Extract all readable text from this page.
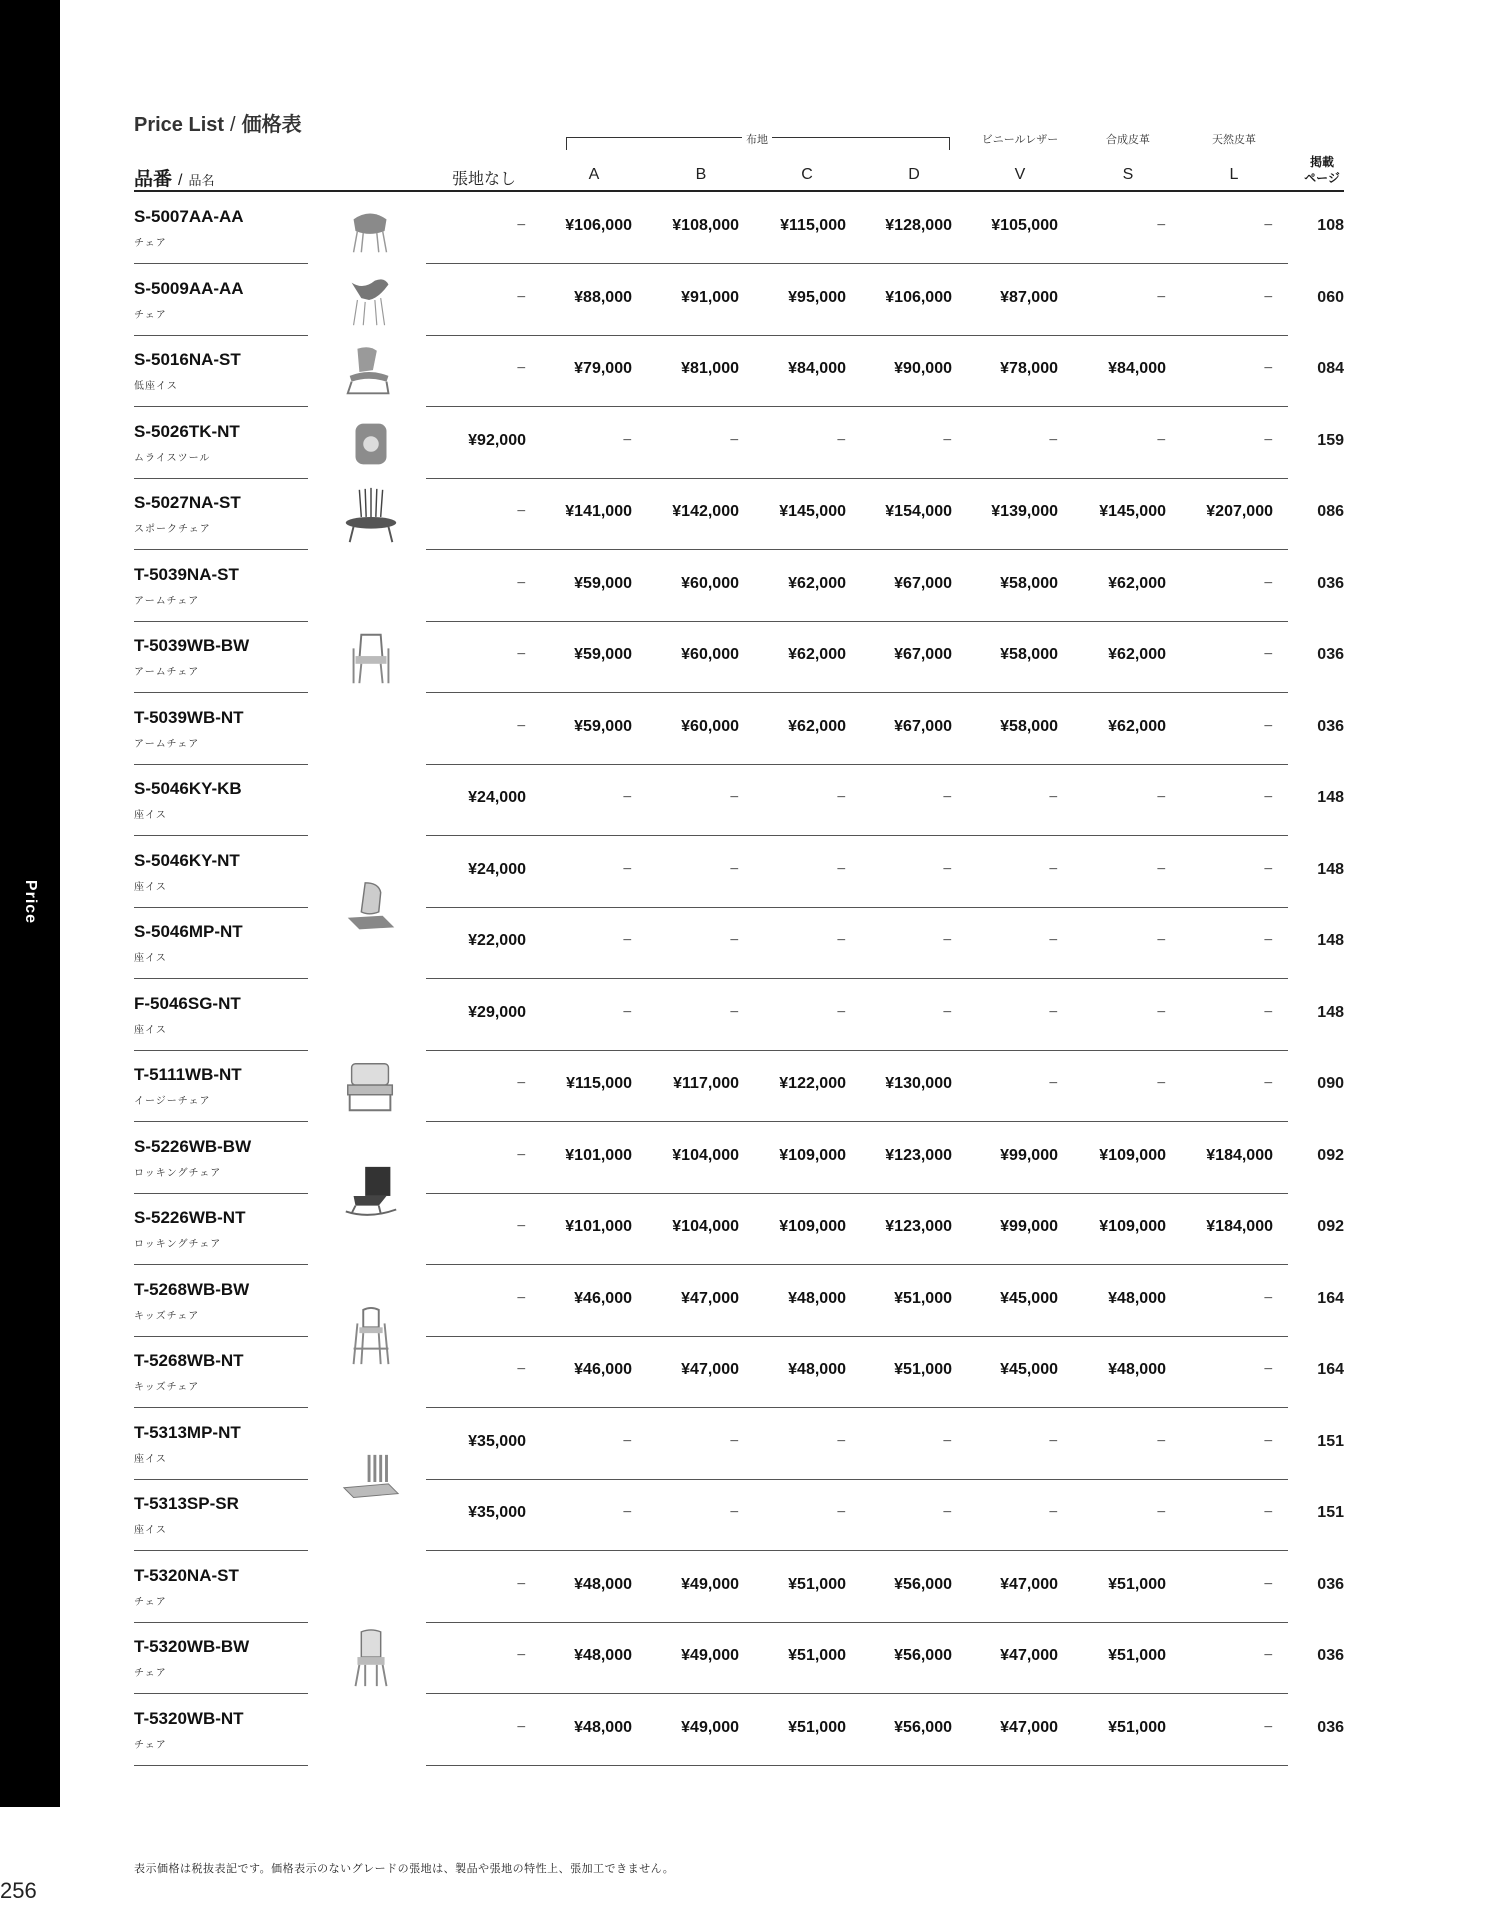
Price
256
Price List / 価格表
布地	ビニールレザー	合成皮革	天然皮革
品番 / 品名	張地なし	A	B	C	D	V	S	L
掲載
ページ
S-5007AA-AA
チェア
−	¥106,000	¥108,000	¥115,000	¥128,000	¥105,000	−	−	108
S-5009AA-AA
チェア
−	¥88,000	¥91,000	¥95,000	¥106,000	¥87,000	−	−	060
S-5016NA-ST
低座イス
−	¥79,000	¥81,000	¥84,000	¥90,000	¥78,000	¥84,000	−	084
S-5026TK-NT
ムライスツール
¥92,000	−	−	−	−	−	−	−	159
S-5027NA-ST
スポークチェア
−	¥141,000	¥142,000	¥145,000	¥154,000	¥139,000	¥145,000	¥207,000	086
T-5039NA-ST
アームチェア
−	¥59,000	¥60,000	¥62,000	¥67,000	¥58,000	¥62,000	−	036
T-5039WB-BW
アームチェア
−	¥59,000	¥60,000	¥62,000	¥67,000	¥58,000	¥62,000	−	036
T-5039WB-NT
アームチェア
−	¥59,000	¥60,000	¥62,000	¥67,000	¥58,000	¥62,000	−	036
S-5046KY-KB
座イス
¥24,000	−	−	−	−	−	−	−	148
S-5046KY-NT
座イス
¥24,000	−	−	−	−	−	−	−	148
S-5046MP-NT
座イス
¥22,000	−	−	−	−	−	−	−	148
F-5046SG-NT
座イス
¥29,000	−	−	−	−	−	−	−	148
T-5111WB-NT
イージーチェア
−	¥115,000	¥117,000	¥122,000	¥130,000	−	−	−	090
S-5226WB-BW
ロッキングチェア
−	¥101,000	¥104,000	¥109,000	¥123,000	¥99,000	¥109,000	¥184,000	092
S-5226WB-NT
ロッキングチェア
−	¥101,000	¥104,000	¥109,000	¥123,000	¥99,000	¥109,000	¥184,000	092
T-5268WB-BW
キッズチェア
−	¥46,000	¥47,000	¥48,000	¥51,000	¥45,000	¥48,000	−	164
T-5268WB-NT
キッズチェア
−	¥46,000	¥47,000	¥48,000	¥51,000	¥45,000	¥48,000	−	164
T-5313MP-NT
座イス
¥35,000	−	−	−	−	−	−	−	151
T-5313SP-SR
座イス
¥35,000	−	−	−	−	−	−	−	151
T-5320NA-ST
チェア
−	¥48,000	¥49,000	¥51,000	¥56,000	¥47,000	¥51,000	−	036
T-5320WB-BW
チェア
−	¥48,000	¥49,000	¥51,000	¥56,000	¥47,000	¥51,000	−	036
T-5320WB-NT
チェア
−	¥48,000	¥49,000	¥51,000	¥56,000	¥47,000	¥51,000	−	036
表示価格は税抜表記です。価格表示のないグレードの張地は、製品や張地の特性上、張加工できません。
